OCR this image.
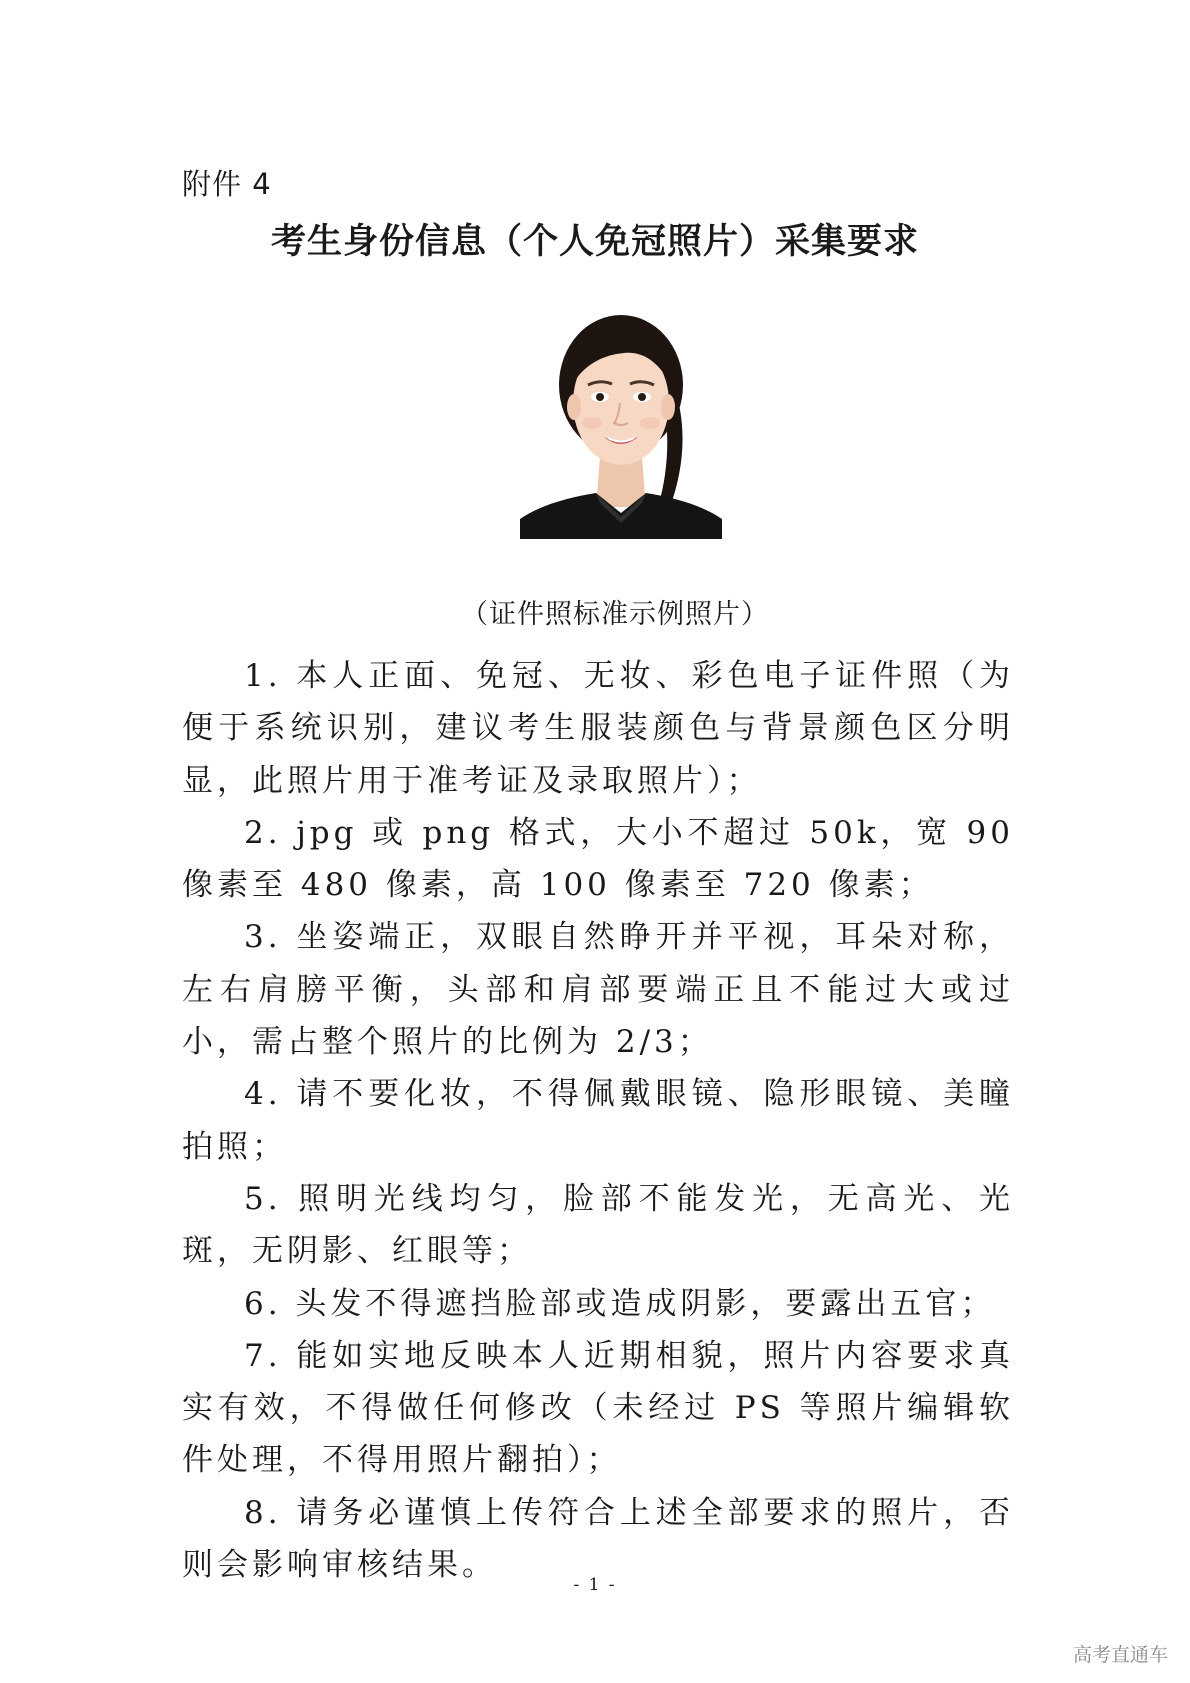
附件 4
考生身份信息（个人免冠照片）采集要求
（证件照标准示例照片）

1. 本人正面、免冠、无妆、彩色电子证件照（为便于系统识别，建议考生服装颜色与背景颜色区分明显，此照片用于准考证及录取照片）；

2. jpg 或 png 格式，大小不超过 50k，宽 90 像素至 480 像素，高 100 像素至 720 像素；

3. 坐姿端正，双眼自然睁开并平视，耳朵对称，左右肩膀平衡，头部和肩部要端正且不能过大或过小，需占整个照片的比例为 2/3；

4. 请不要化妆，不得佩戴眼镜、隐形眼镜、美瞳拍照；

5. 照明光线均匀，脸部不能发光，无高光、光斑，无阴影、红眼等；

6. 头发不得遮挡脸部或造成阴影，要露出五官；

7. 能如实地反映本人近期相貌，照片内容要求真实有效，不得做任何修改（未经过 PS 等照片编辑软件处理，不得用照片翻拍）；

8. 请务必谨慎上传符合上述全部要求的照片，否则会影响审核结果。

- 1 -
高考直通车
